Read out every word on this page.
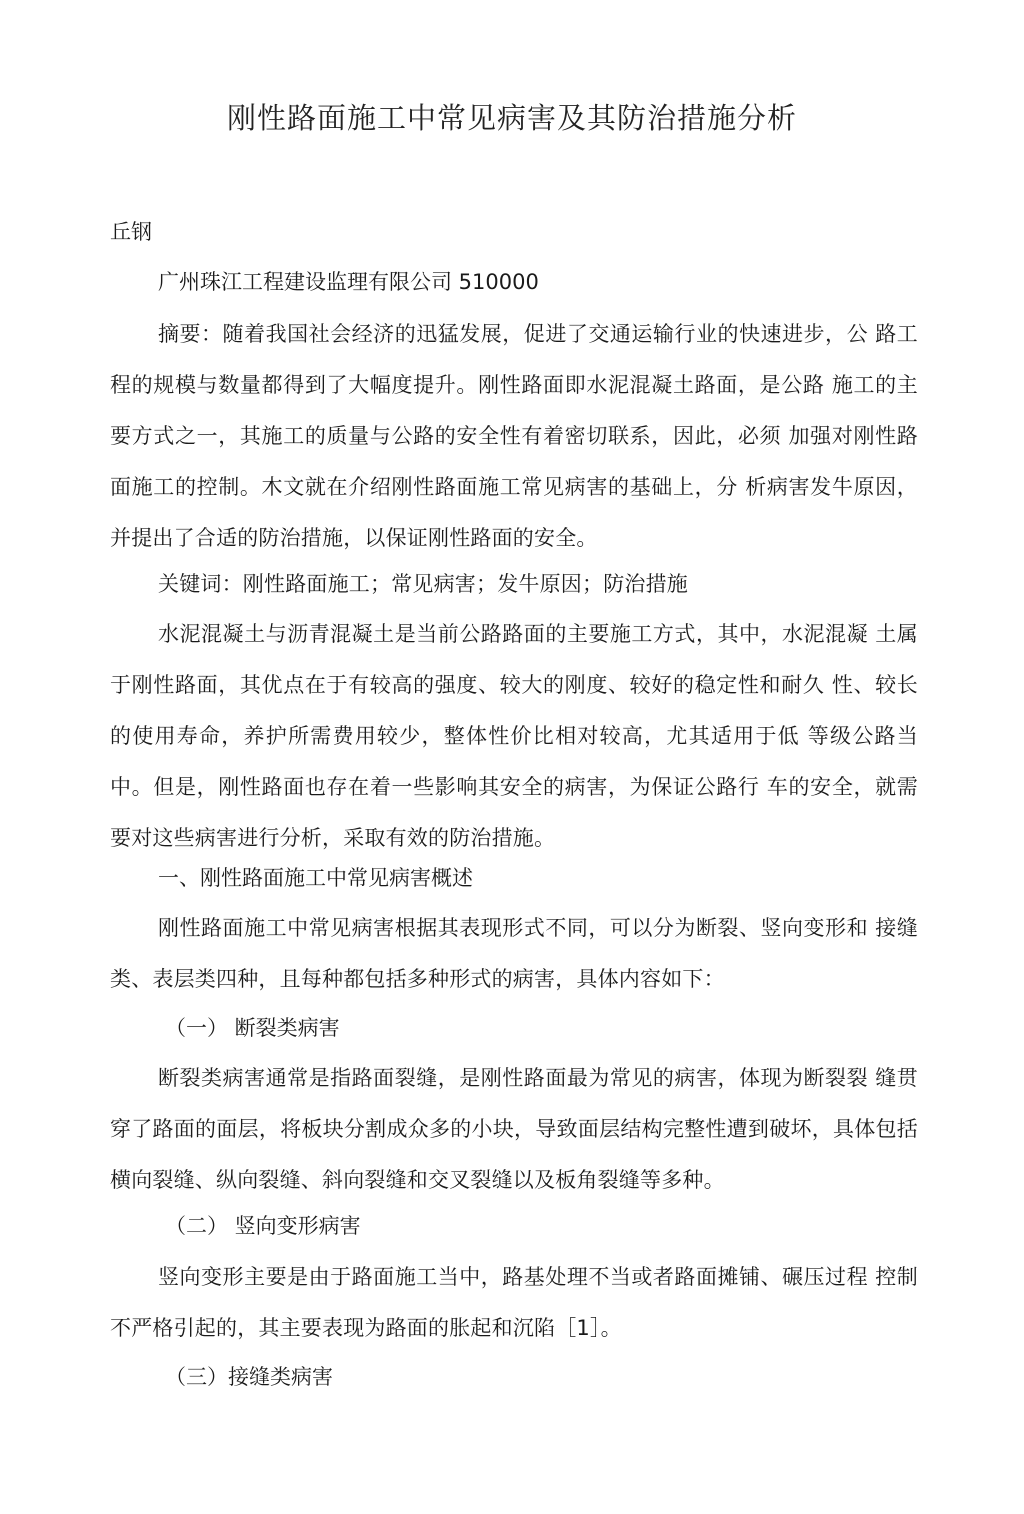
刚性路面施工中常见病害及其防治措施分析
丘钢
广州珠江工程建设监理有限公司 510000
摘要：随着我国社会经济的迅猛发展，促进了交通运输行业的快速进步，公 路工程的规模与数量都得到了大幅度提升。刚性路面即水泥混凝土路面，是公路 施工的主要方式之一，其施工的质量与公路的安全性有着密切联系，因此，必须 加强对刚性路面施工的控制。木文就在介绍刚性路面施工常见病害的基础上，分 析病害发牛原因，并提出了合适的防治措施，以保证刚性路面的安全。
关键词：刚性路面施工；常见病害；发牛原因；防治措施
水泥混凝土与沥青混凝土是当前公路路面的主要施工方式，其中，水泥混凝 土属于刚性路面，其优点在于有较高的强度、较大的刚度、较好的稳定性和耐久 性、较长的使用寿命，养护所需费用较少，整体性价比相对较高，尤其适用于低 等级公路当中。但是，刚性路面也存在着一些影响其安全的病害，为保证公路行 车的安全，就需要对这些病害进行分析，采取有效的防治措施。
一、刚性路面施工中常见病害概述
刚性路面施工中常见病害根据其表现形式不同，可以分为断裂、竖向变形和 接缝类、表层类四种，且每种都包括多种形式的病害，具体内容如下：
（一） 断裂类病害
断裂类病害通常是指路面裂缝，是刚性路面最为常见的病害，体现为断裂裂 缝贯穿了路面的面层，将板块分割成众多的小块，导致面层结构完整性遭到破坏，具体包括横向裂缝、纵向裂缝、斜向裂缝和交叉裂缝以及板角裂缝等多种。
（二） 竖向变形病害
竖向变形主要是由于路面施工当中，路基处理不当或者路面摊铺、碾压过程 控制不严格引起的，其主要表现为路面的胀起和沉陷［1］。
（三）接缝类病害
